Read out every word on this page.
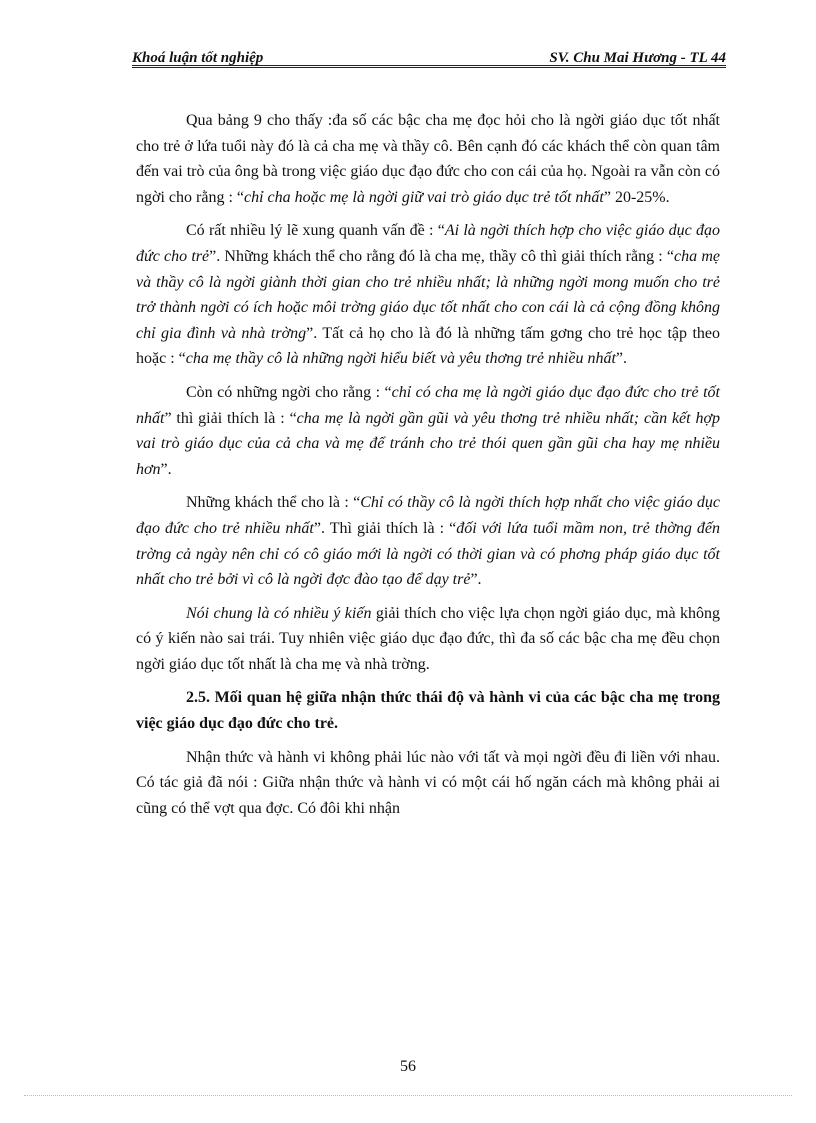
Khoá luận tốt nghiệp	SV. Chu Mai Hương - TL 44

Qua bảng 9 cho thấy :đa số các bậc cha mẹ đọc hỏi cho là ngời giáo dục tốt nhất cho trẻ ở lứa tuổi này đó là cả cha mẹ và thầy cô. Bên cạnh đó các khách thể còn quan tâm đến vai trò của ông bà trong việc giáo dục đạo đức cho con cái của họ. Ngoài ra vẫn còn có ngời cho rằng : “chỉ cha hoặc mẹ là ngời giữ vai trò giáo dục trẻ tốt nhất” 20-25%.

Có rất nhiều lý lẽ xung quanh vấn đề : “Ai là ngời thích hợp cho việc giáo dục đạo đức cho trẻ”. Những khách thể cho rằng đó là cha mẹ, thầy cô thì giải thích rằng : “cha mẹ và thầy cô là ngời giành thời gian cho trẻ nhiều nhất; là những ngời mong muốn cho trẻ trở thành ngời có ích hoặc môi trờng giáo dục tốt nhất cho con cái là cả cộng đồng không chỉ gia đình và nhà trờng”. Tất cả họ cho là đó là những tấm gơng cho trẻ học tập theo hoặc : “cha mẹ thầy cô là những ngời hiểu biết và yêu thơng trẻ nhiều nhất”.

Còn có những ngời cho rằng : “chỉ có cha mẹ là ngời giáo dục đạo đức cho trẻ tốt nhất” thì giải thích là : “cha mẹ là ngời gần gũi và yêu thơng trẻ nhiều nhất; cần kết hợp vai trò giáo dục của cả cha và mẹ để tránh cho trẻ thói quen gần gũi cha hay mẹ nhiều hơn”.

Những khách thể cho là : “Chỉ có thầy cô là ngời thích hợp nhất cho việc giáo dục đạo đức cho trẻ nhiều nhất”. Thì giải thích là : “đối với lứa tuổi mầm non, trẻ thờng đến trờng cả ngày nên chỉ có cô giáo mới là ngời có thời gian và có phơng pháp giáo dục tốt nhất cho trẻ bởi vì cô là ngời đợc đào tạo để dạy trẻ”.

Nói chung là có nhiều ý kiến giải thích cho việc lựa chọn ngời giáo dục, mà không có ý kiến nào sai trái. Tuy nhiên việc giáo dục đạo đức, thì đa số các bậc cha mẹ đều chọn ngời giáo dục tốt nhất là cha mẹ và nhà trờng.

2.5. Mối quan hệ giữa nhận thức thái độ và hành vi của các bậc cha mẹ trong việc giáo dục đạo đức cho trẻ.

Nhận thức và hành vi không phải lúc nào với tất và mọi ngời đều đi liền với nhau. Có tác giả đã nói : Giữa nhận thức và hành vi có một cái hố ngăn cách mà không phải ai cũng có thể vợt qua đợc. Có đôi khi nhận

56
